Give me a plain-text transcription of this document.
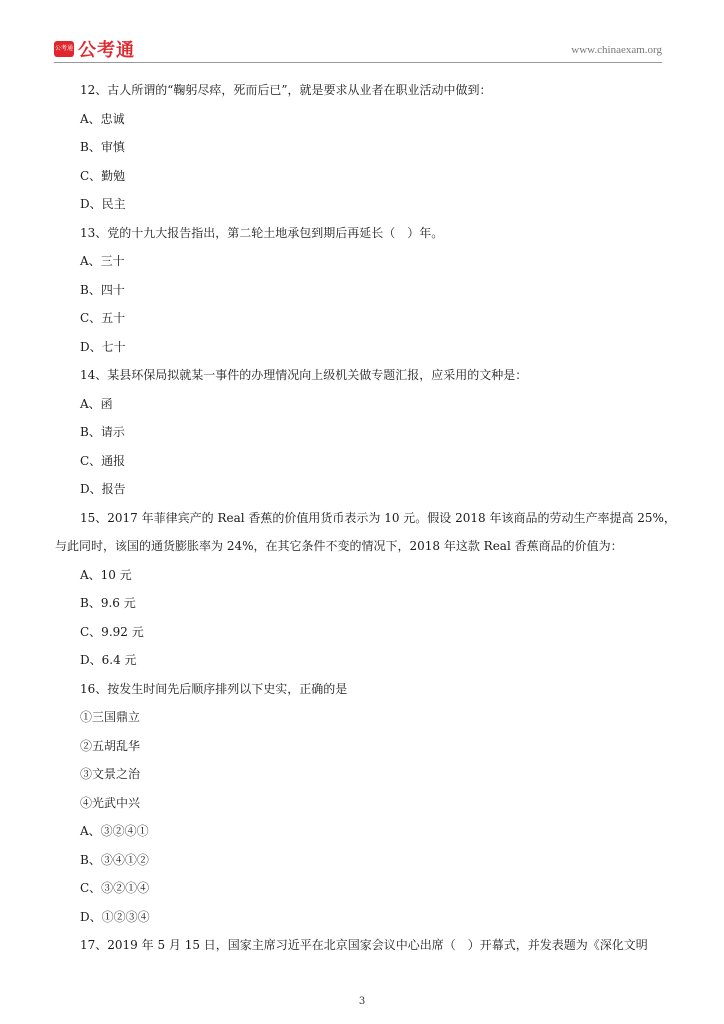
公考通 公考通	www.chinaexam.org
12、古人所谓的“鞠躬尽瘁，死而后已”，就是要求从业者在职业活动中做到：
A、忠诚
B、审慎
C、勤勉
D、民主
13、党的十九大报告指出，第二轮土地承包到期后再延长（　）年。
A、三十
B、四十
C、五十
D、七十
14、某县环保局拟就某一事件的办理情况向上级机关做专题汇报，应采用的文种是：
A、函
B、请示
C、通报
D、报告
15、2017 年菲律宾产的 Real 香蕉的价值用货币表示为 10 元。假设 2018 年该商品的劳动生产率提高 25%，
与此同时，该国的通货膨胀率为 24%，在其它条件不变的情况下，2018 年这款 Real 香蕉商品的价值为：
A、10 元
B、9.6 元
C、9.92 元
D、6.4 元
16、按发生时间先后顺序排列以下史实，正确的是
①三国鼎立
②五胡乱华
③文景之治
④光武中兴
A、③②④①
B、③④①②
C、③②①④
D、①②③④
17、2019 年 5 月 15 日，国家主席习近平在北京国家会议中心出席（　）开幕式，并发表题为《深化文明
3
